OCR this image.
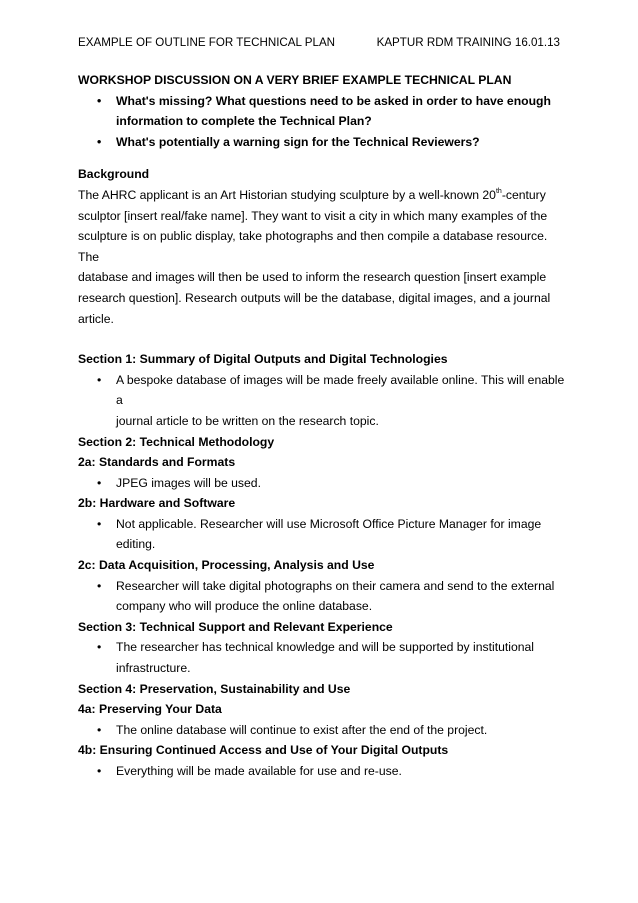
EXAMPLE OF OUTLINE FOR TECHNICAL PLAN	KAPTUR RDM TRAINING 16.01.13
WORKSHOP DISCUSSION ON A VERY BRIEF EXAMPLE TECHNICAL PLAN
• What's missing? What questions need to be asked in order to have enough
information to complete the Technical Plan?
• What's potentially a warning sign for the Technical Reviewers?
Background
The AHRC applicant is an Art Historian studying sculpture by a well-known 20th-century
sculptor [insert real/fake name]. They want to visit a city in which many examples of the
sculpture is on public display, take photographs and then compile a database resource. The
database and images will then be used to inform the research question [insert example
research question]. Research outputs will be the database, digital images, and a journal
article.
Section 1: Summary of Digital Outputs and Digital Technologies
• A bespoke database of images will be made freely available online. This will enable a
journal article to be written on the research topic.
Section 2: Technical Methodology
2a: Standards and Formats
• JPEG images will be used.
2b: Hardware and Software
• Not applicable. Researcher will use Microsoft Office Picture Manager for image
editing.
2c: Data Acquisition, Processing, Analysis and Use
• Researcher will take digital photographs on their camera and send to the external
company who will produce the online database.
Section 3: Technical Support and Relevant Experience
• The researcher has technical knowledge and will be supported by institutional
infrastructure.
Section 4: Preservation, Sustainability and Use
4a: Preserving Your Data
• The online database will continue to exist after the end of the project.
4b: Ensuring Continued Access and Use of Your Digital Outputs
• Everything will be made available for use and re-use.
